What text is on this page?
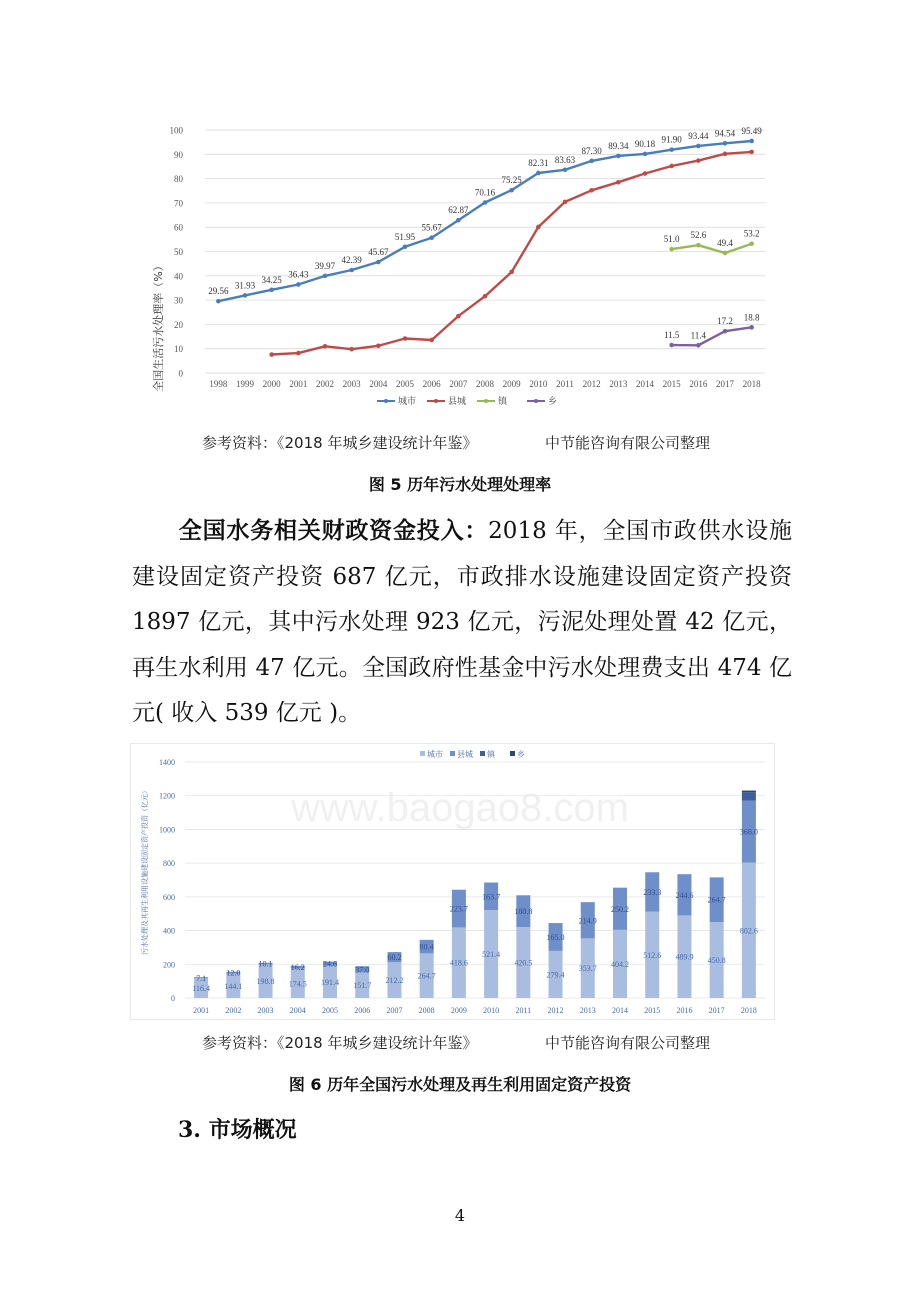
全国生活污水处理率（%） 0
10
20
30
40
50
60
70
80
90
100
1998 1999 2000 2001 2002 2003 2004 2005 2006 2007 2008 2009 2010 2011 2012 2013 2014 2015 2016 2017 2018
29.56
31.93
34.25
36.43
39.97
42.39
45.67
51.95
55.67
62.87
70.16
75.25
82.31 83.63
87.30 89.34 90.18 91.90 93.44 94.54 95.49
51.0 52.6
49.4
53.2
11.5 11.4
17.2 18.8
城市	县城	镇	乡
参考资料：《2018 年城乡建设统计年鉴》	中节能咨询有限公司整理
图 5 历年污水处理处理率
全国水务相关财政资金投入：2018 年，全国市政供水设施建设固定资产投资 687 亿元，市政排水设施建设固定资产投资 1897 亿元，其中污水处理 923 亿元，污泥处理处置 42 亿元，再生水利用 47 亿元。全国政府性基金中污水处理费支出 474 亿元( 收入 539 亿元 )。
www.baogao8.com
污水处理及其再生利用设施建设固定资产投资（亿元）
0
200
400
600
800
1000
1200
1400
116.4
7.1
144.1
12.0
198.8
10.1
174.5
16.2
191.4
24.6
151.7
37.0
212.2
60.2
264.7
80.4
418.6
223.7
521.4
163.7
420.5
188.8
279.4
165.0
353.7
214.9
404.2
250.2
512.6
233.3
489.9
244.6
450.8
264.7
802.6
368.0
2001 2002 2003 2004 2005 2006 2007 2008 2009 2010 2011 2012 2013 2014 2015 2016 2017 2018
城市 县城 镇	乡
参考资料：《2018 年城乡建设统计年鉴》	中节能咨询有限公司整理
图 6 历年全国污水处理及再生利用固定资产投资
3. 市场概况
4
